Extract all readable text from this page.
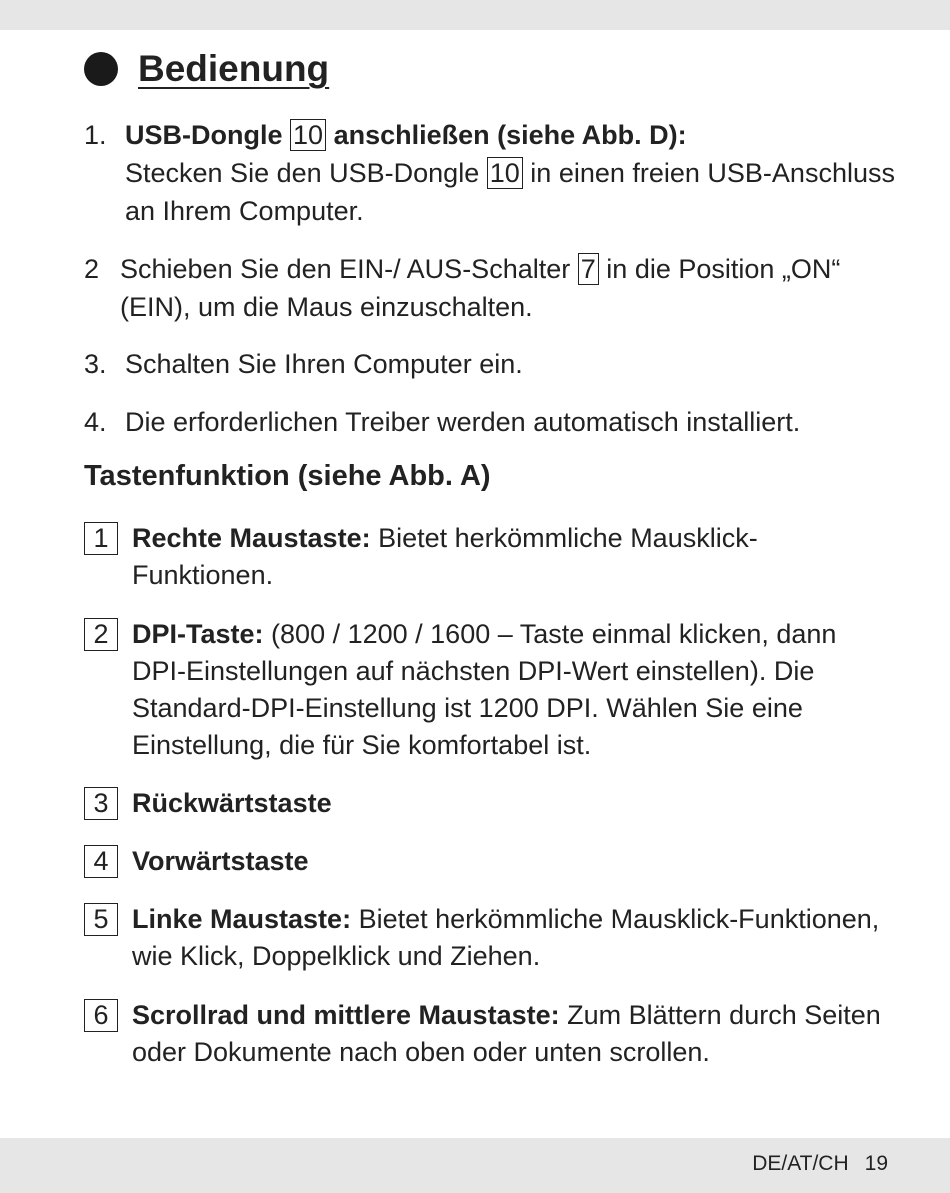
Bedienung
1. USB-Dongle 10 anschließen (siehe Abb. D):
Stecken Sie den USB-Dongle 10 in einen freien USB-Anschluss an Ihrem Computer.
2 Schieben Sie den EIN-/ AUS-Schalter 7 in die Position „ON“ (EIN), um die Maus einzuschalten.
3. Schalten Sie Ihren Computer ein.
4. Die erforderlichen Treiber werden automatisch installiert.
Tastenfunktion (siehe Abb. A)
1 Rechte Maustaste: Bietet herkömmliche Mausklick-Funktionen.
2 DPI-Taste: (800 / 1200 / 1600 – Taste einmal klicken, dann DPI-Einstellungen auf nächsten DPI-Wert einstellen). Die Standard-DPI-Einstellung ist 1200 DPI. Wählen Sie eine Einstellung, die für Sie komfortabel ist.
3 Rückwärtstaste
4 Vorwärtstaste
5 Linke Maustaste: Bietet herkömmliche Mausklick-Funktionen, wie Klick, Doppelklick und Ziehen.
6 Scrollrad und mittlere Maustaste: Zum Blättern durch Seiten oder Dokumente nach oben oder unten scrollen.
DE/AT/CH 19
